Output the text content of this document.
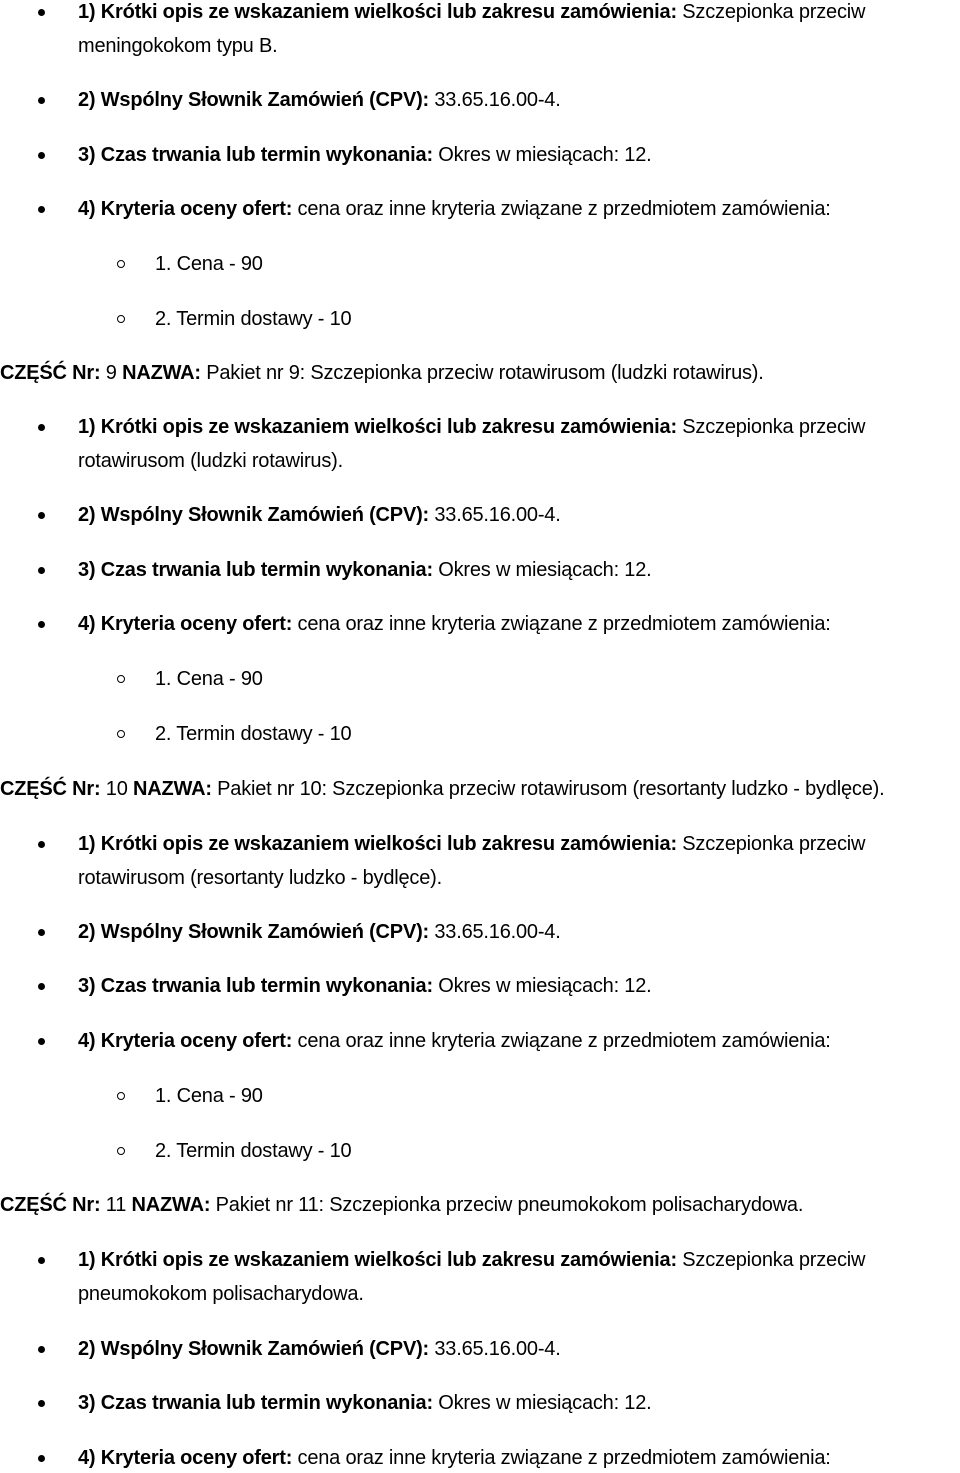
1) Krótki opis ze wskazaniem wielkości lub zakresu zamówienia: Szczepionka przeciw
meningokokom typu B.
2) Wspólny Słownik Zamówień (CPV): 33.65.16.00-4.
3) Czas trwania lub termin wykonania: Okres w miesiącach: 12.
4) Kryteria oceny ofert: cena oraz inne kryteria związane z przedmiotem zamówienia:
1. Cena - 90
2. Termin dostawy - 10
CZĘŚĆ Nr: 9 NAZWA: Pakiet nr 9: Szczepionka przeciw rotawirusom (ludzki rotawirus).
1) Krótki opis ze wskazaniem wielkości lub zakresu zamówienia: Szczepionka przeciw
rotawirusom (ludzki rotawirus).
2) Wspólny Słownik Zamówień (CPV): 33.65.16.00-4.
3) Czas trwania lub termin wykonania: Okres w miesiącach: 12.
4) Kryteria oceny ofert: cena oraz inne kryteria związane z przedmiotem zamówienia:
1. Cena - 90
2. Termin dostawy - 10
CZĘŚĆ Nr: 10 NAZWA: Pakiet nr 10: Szczepionka przeciw rotawirusom (resortanty ludzko - bydlęce).
1) Krótki opis ze wskazaniem wielkości lub zakresu zamówienia: Szczepionka przeciw
rotawirusom (resortanty ludzko - bydlęce).
2) Wspólny Słownik Zamówień (CPV): 33.65.16.00-4.
3) Czas trwania lub termin wykonania: Okres w miesiącach: 12.
4) Kryteria oceny ofert: cena oraz inne kryteria związane z przedmiotem zamówienia:
1. Cena - 90
2. Termin dostawy - 10
CZĘŚĆ Nr: 11 NAZWA: Pakiet nr 11: Szczepionka przeciw pneumokokom polisacharydowa.
1) Krótki opis ze wskazaniem wielkości lub zakresu zamówienia: Szczepionka przeciw
pneumokokom polisacharydowa.
2) Wspólny Słownik Zamówień (CPV): 33.65.16.00-4.
3) Czas trwania lub termin wykonania: Okres w miesiącach: 12.
4) Kryteria oceny ofert: cena oraz inne kryteria związane z przedmiotem zamówienia:
